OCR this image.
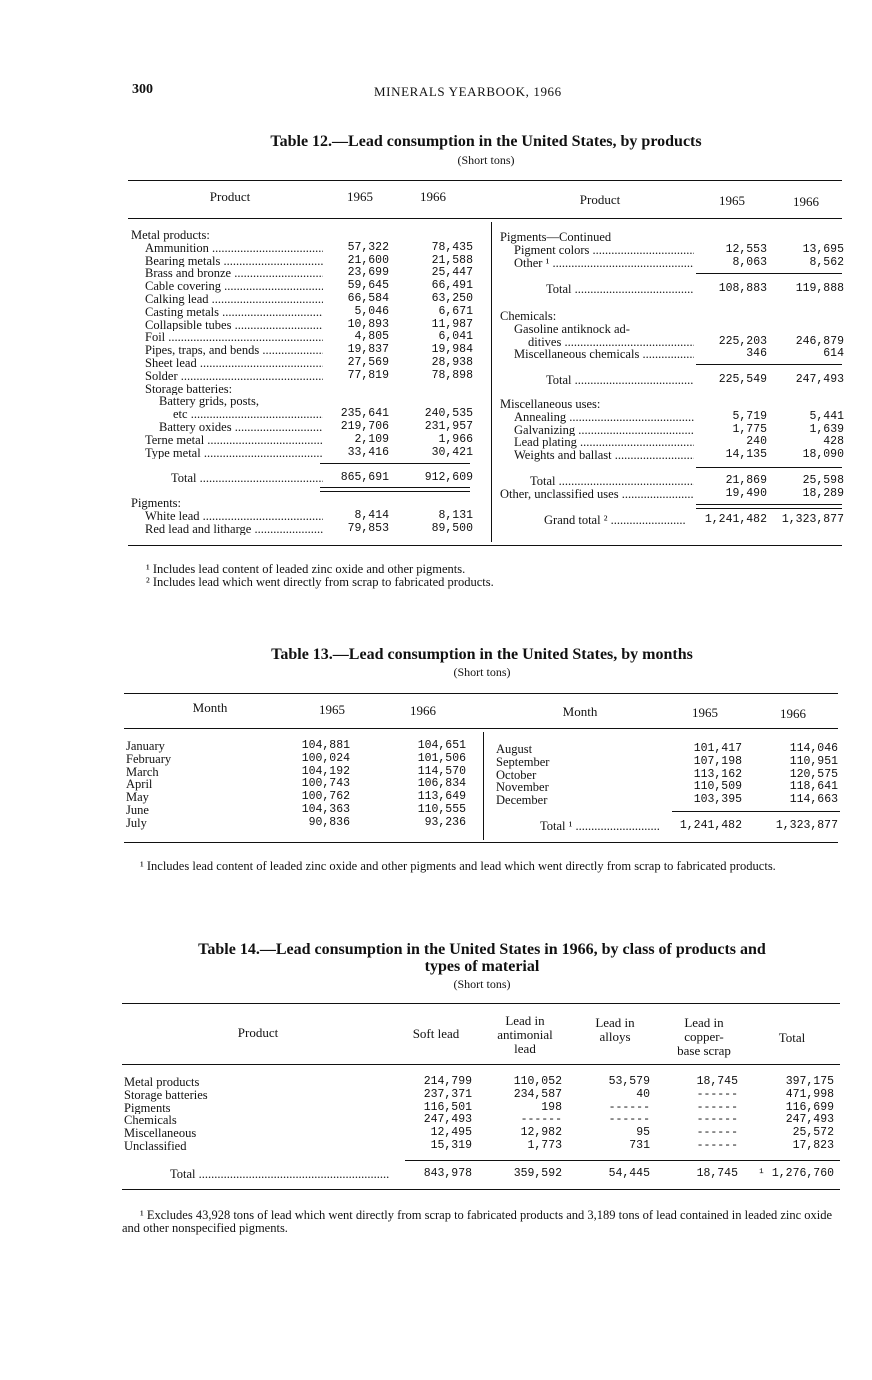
300	MINERALS YEARBOOK, 1966
Table 12.—Lead consumption in the United States, by products
(Short tons)
Product	1965	1966	Product	1965	1966
Metal products:
Ammunition .....	57,322	78,435
Bearing metals .....	21,600	21,588
Brass and bronze .....	23,699	25,447
Cable covering .....	59,645	66,491
Calking lead .....	66,584	63,250
Casting metals .....	5,046	6,671
Collapsible tubes .....	10,893	11,987
Foil .....	4,805	6,041
Pipes, traps, and bends .....	19,837	19,984
Sheet lead .....	27,569	28,938
Solder .....	77,819	78,898
Storage batteries:
Battery grids, posts,
etc .....	235,641	240,535
Battery oxides .....	219,706	231,957
Terne metal .....	2,109	1,966
Type metal .....	33,416	30,421
Total .....	865,691	912,609
Pigments:
White lead .....	8,414	8,131
Red lead and litharge .....	79,853	89,500
Pigments—Continued
Pigment colors .....	12,553	13,695
Other ¹ .....	8,063	8,562
Total .....	108,883 119,888
Chemicals:
Gasoline antiknock ad-
ditives .....	225,203 246,879
Miscellaneous chemicals .....	346	614
Total .....	225,549 247,493
Miscellaneous uses:
Annealing .....	5,719	5,441
Galvanizing .....	1,775	1,639
Lead plating .....	240	428
Weights and ballast .....	14,135	18,090
Total .....	21,869	25,598
Other, unclassified uses .....	19,490	18,289
Grand total ² .....	1,241,482 1,323,877
¹ Includes lead content of leaded zinc oxide and other pigments.
² Includes lead which went directly from scrap to fabricated products.
Table 13.—Lead consumption in the United States, by months
(Short tons)
Month	1965	1966	Month	1965	1966
January	104,881	104,651
February	100,024	101,506
March	104,192	114,570
April	100,743	106,834
May	100,762	113,649
June	104,363	110,555
July	90,836	93,236
August	101,417	114,046
September	107,198	110,951
October	113,162	120,575
November	110,509	118,641
December	103,395	114,663
Total ¹ .....	1,241,482	1,323,877
¹ Includes lead content of leaded zinc oxide and other pigments and lead which went directly from scrap to fabricated products.
Table 14.—Lead consumption in the United States in 1966, by class of products and
types of material
(Short tons)
Product	Soft lead
Lead in
antimonial
lead
Lead in
alloys
Lead in
copper-
base scrap
Total
Metal products	214,799	110,052	53,579	18,745	397,175
Storage batteries	237,371	234,587	40	------	471,998
Pigments	116,501	198	------	------	116,699
Chemicals	247,493	------	------	------	247,493
Miscellaneous	12,495	12,982	95	------	25,572
Unclassified	15,319	1,773	731	------	17,823
Total .....	843,978	359,592	54,445	18,745 ¹ 1,276,760
¹ Excludes 43,928 tons of lead which went directly from scrap to fabricated products and 3,189 tons of lead contained in leaded zinc oxide and other nonspecified pigments.
